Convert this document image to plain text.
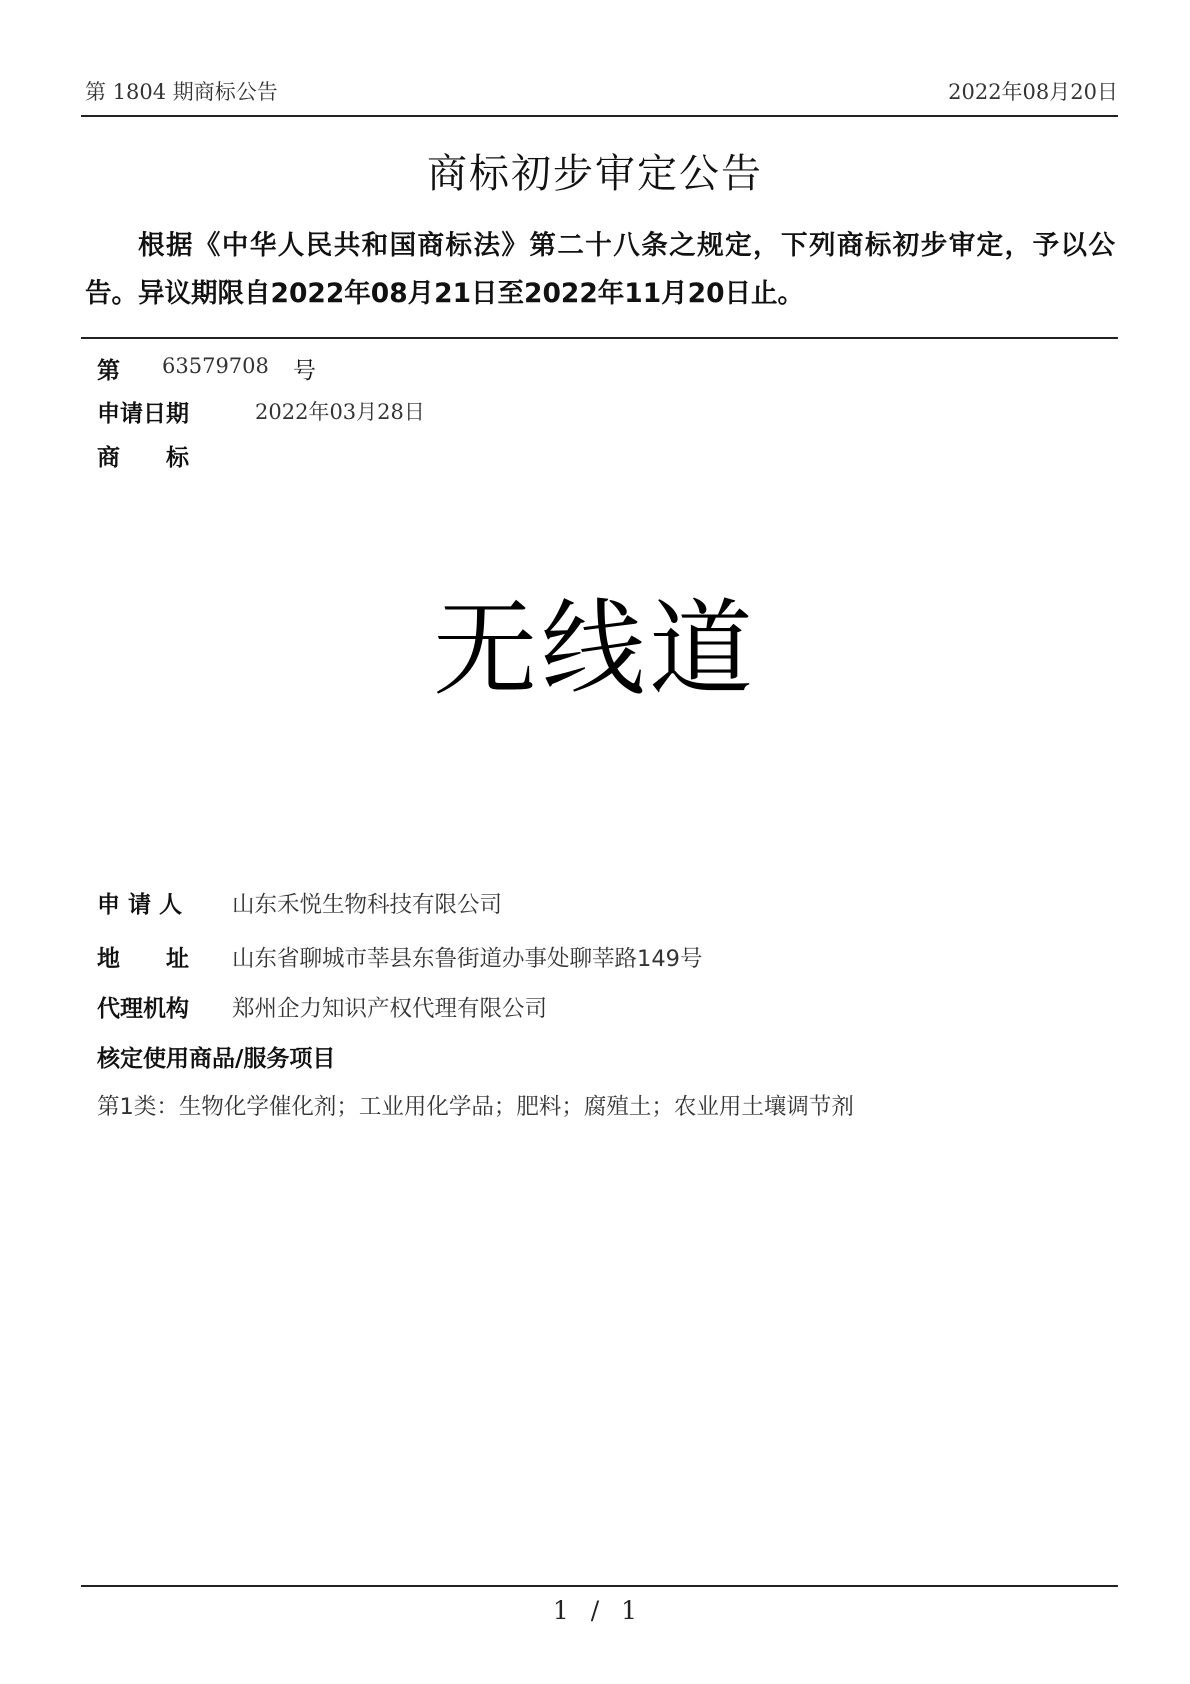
第 1804 期商标公告	2022年08月20日
商标初步审定公告
根据《中华人民共和国商标法》第二十八条之规定，下列商标初步审定，予以公告。异议期限自2022年08月21日至2022年11月20日止。
第 63579708 号
申请日期	2022年03月28日
商　　标
无线道
申 请 人 山东禾悦生物科技有限公司
地　　址 山东省聊城市莘县东鲁街道办事处聊莘路149号
代理机构 郑州企力知识产权代理有限公司
核定使用商品/服务项目
第1类：生物化学催化剂；工业用化学品；肥料；腐殖土；农业用土壤调节剂
1 / 1
